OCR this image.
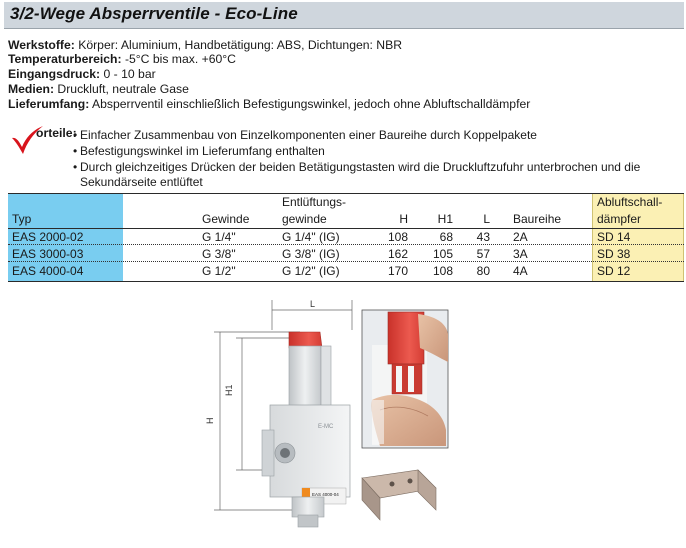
3/2-Wege Absperrventile - Eco-Line
Werkstoffe: Körper: Aluminium, Handbetätigung: ABS, Dichtungen: NBR
Temperaturbereich: -5°C bis max. +60°C
Eingangsdruck: 0 - 10 bar
Medien: Druckluft, neutrale Gase
Lieferumfang: Absperrventil einschließlich Befestigungswinkel, jedoch ohne Abluftschalldämpfer
orteile:
• Einfacher Zusammenbau von Einzelkomponenten einer Baureihe durch Koppelpakete
• Befestigungswinkel im Lieferumfang enthalten
• Durch gleichzeitiges Drücken der beiden Betätigungstasten wird die Druckluftzufuhr unterbrochen und die
Sekundärseite entlüftet
Typ	Gewinde
Entlüftungs-
gewinde	H	H1	L Baureihe
Abluftschall-
dämpfer
EAS 2000-02	G 1/4"	G 1/4" (IG)	108	68	43 2A	SD 14
EAS 3000-03	G 3/8"	G 3/8" (IG)	162	105	57 3A	SD 38
EAS 4000-04	G 1/2"	G 1/2" (IG)	170	108	80 4A	SD 12
L
H1
H
E-MC
EAS 4000-04
